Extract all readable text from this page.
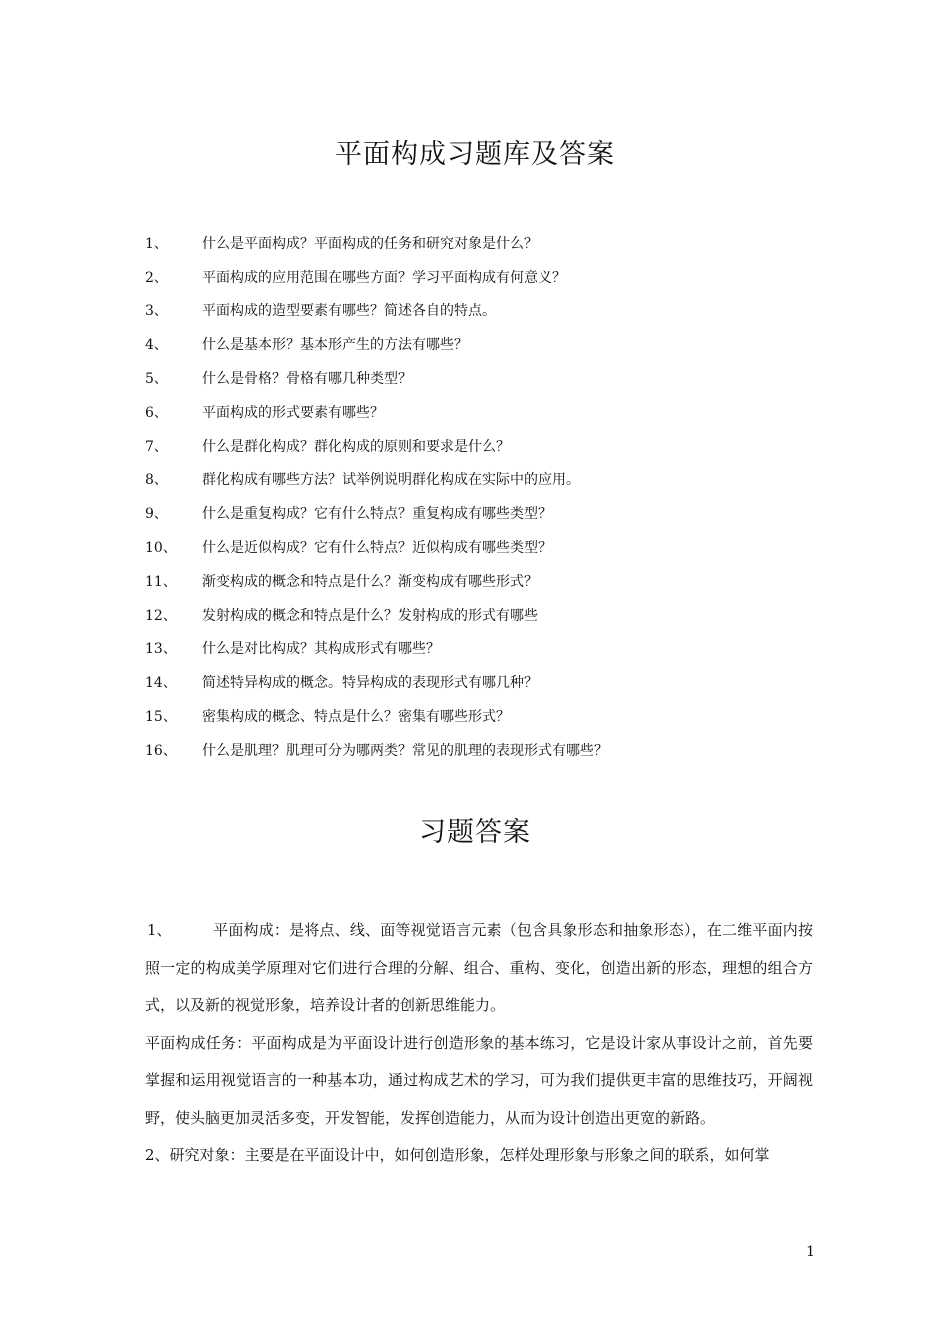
平面构成习题库及答案
1、	什么是平面构成？平面构成的任务和研究对象是什么？
2、	平面构成的应用范围在哪些方面？学习平面构成有何意义？
3、	平面构成的造型要素有哪些？简述各自的特点。
4、	什么是基本形？基本形产生的方法有哪些？
5、	什么是骨格？骨格有哪几种类型？
6、	平面构成的形式要素有哪些？
7、	什么是群化构成？群化构成的原则和要求是什么？
8、	群化构成有哪些方法？试举例说明群化构成在实际中的应用。
9、	什么是重复构成？它有什么特点？重复构成有哪些类型？
10、	什么是近似构成？它有什么特点？近似构成有哪些类型？
11、	渐变构成的概念和特点是什么？渐变构成有哪些形式？
12、	发射构成的概念和特点是什么？发射构成的形式有哪些
13、	什么是对比构成？其构成形式有哪些？
14、	简述特异构成的概念。特异构成的表现形式有哪几种？
15、	密集构成的概念、特点是什么？密集有哪些形式？
16、	什么是肌理？肌理可分为哪两类？常见的肌理的表现形式有哪些？
习题答案

1、	平面构成：是将点、线、面等视觉语言元素（包含具象形态和抽象形态），在二维平面内按照一定的构成美学原理对它们进行合理的分解、组合、重构、变化，创造出新的形态，理想的组合方式，以及新的视觉形象，培养设计者的创新思维能力。

平面构成任务：平面构成是为平面设计进行创造形象的基本练习，它是设计家从事设计之前，首先要掌握和运用视觉语言的一种基本功，通过构成艺术的学习，可为我们提供更丰富的思维技巧，开阔视野，使头脑更加灵活多变，开发智能，发挥创造能力，从而为设计创造出更宽的新路。

2、研究对象：主要是在平面设计中，如何创造形象，怎样处理形象与形象之间的联系，如何掌

1
